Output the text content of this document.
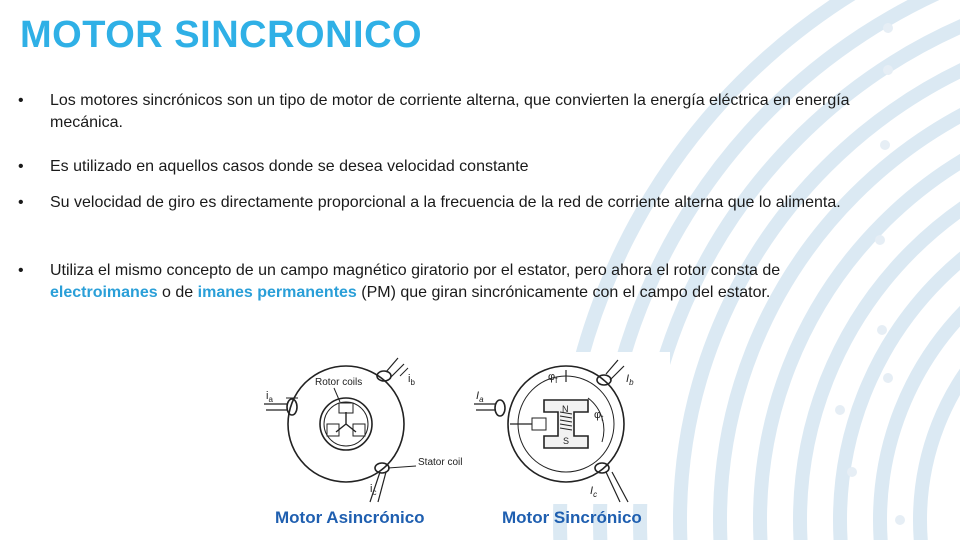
MOTOR SINCRONICO
•	Los motores sincrónicos son un tipo de motor de corriente alterna, que convierten la energía eléctrica en energía mecánica.
•	Es utilizado en aquellos casos donde se desea velocidad constante
•	Su velocidad de giro es directamente proporcional a la frecuencia de la red de corriente alterna que lo alimenta.
•	Utiliza el mismo concepto de un campo magnético giratorio por el estator, pero ahora el rotor consta de electroimanes o de imanes permanentes (PM) que giran sincrónicamente con el campo del estator.
Rotor coils
Stator coil
$i_a$
$i_b$
$i_c$
N
S
$\varphi_f$
$\varphi_t$
$I_a$
$I_b$
$I_c$
Motor Asincrónico	Motor Sincrónico
